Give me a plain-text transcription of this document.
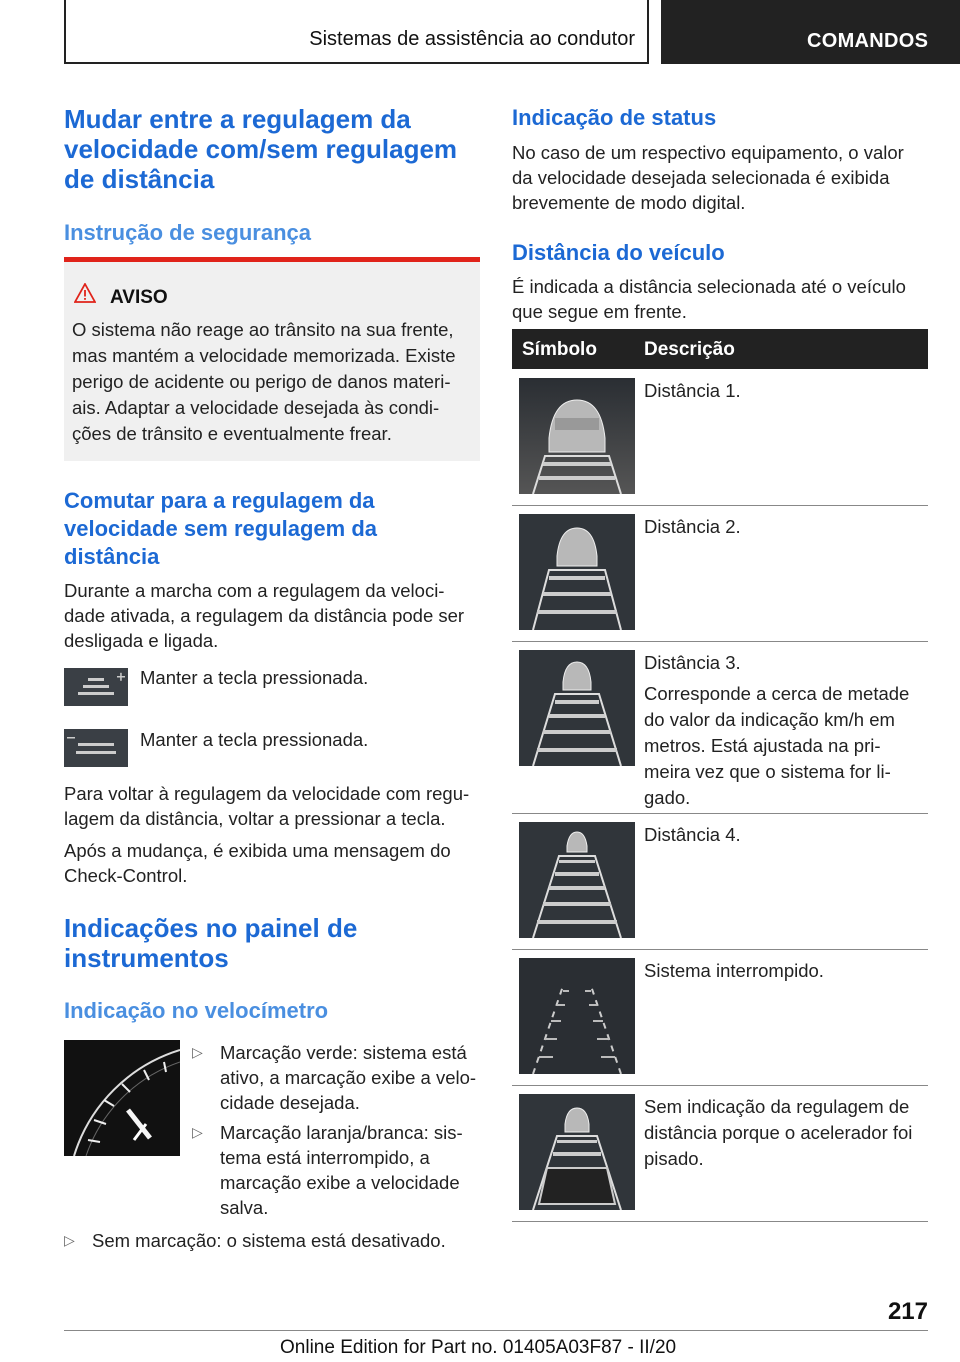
Sistemas de assistência ao condutor	COMANDOS
Mudar entre a regulagem da velocidade com/sem regulagem de distância
Instrução de segurança
AVISO
O sistema não reage ao trânsito na sua frente, mas mantém a velocidade memorizada. Existe perigo de acidente ou perigo de danos materi-ais. Adaptar a velocidade desejada às condi-ções de trânsito e eventualmente frear.
Comutar para a regulagem da velocidade sem regulagem da distância

Durante a marcha com a regulagem da veloci-dade ativada, a regulagem da distância pode ser desligada e ligada.

Manter a tecla pressionada.

Manter a tecla pressionada.

Para voltar à regulagem da velocidade com regu-lagem da distância, voltar a pressionar a tecla.

Após a mudança, é exibida uma mensagem do Check-Control.

Indicações no painel de instrumentos
Indicação no velocímetro
▷ Marcação verde: sistema está ativo, a marcação exibe a velo-cidade desejada.
▷ Marcação laranja/branca: sis-tema está interrompido, a marcação exibe a velocidade salva.
▷ Sem marcação: o sistema está desativado.
Indicação de status

No caso de um respectivo equipamento, o valor da velocidade desejada selecionada é exibida brevemente de modo digital.

Distância do veículo

É indicada a distância selecionada até o veículo que segue em frente.

Símbolo Descrição
Distância 1.
Distância 2.
Distância 3.
Corresponde a cerca de metade do valor da indicação km/h em metros. Está ajustada na pri-meira vez que o sistema for li-gado.
Distância 4.
Sistema interrompido.
Sem indicação da regulagem de distância porque o acelerador foi pisado.
217
Online Edition for Part no. 01405A03F87 - II/20
